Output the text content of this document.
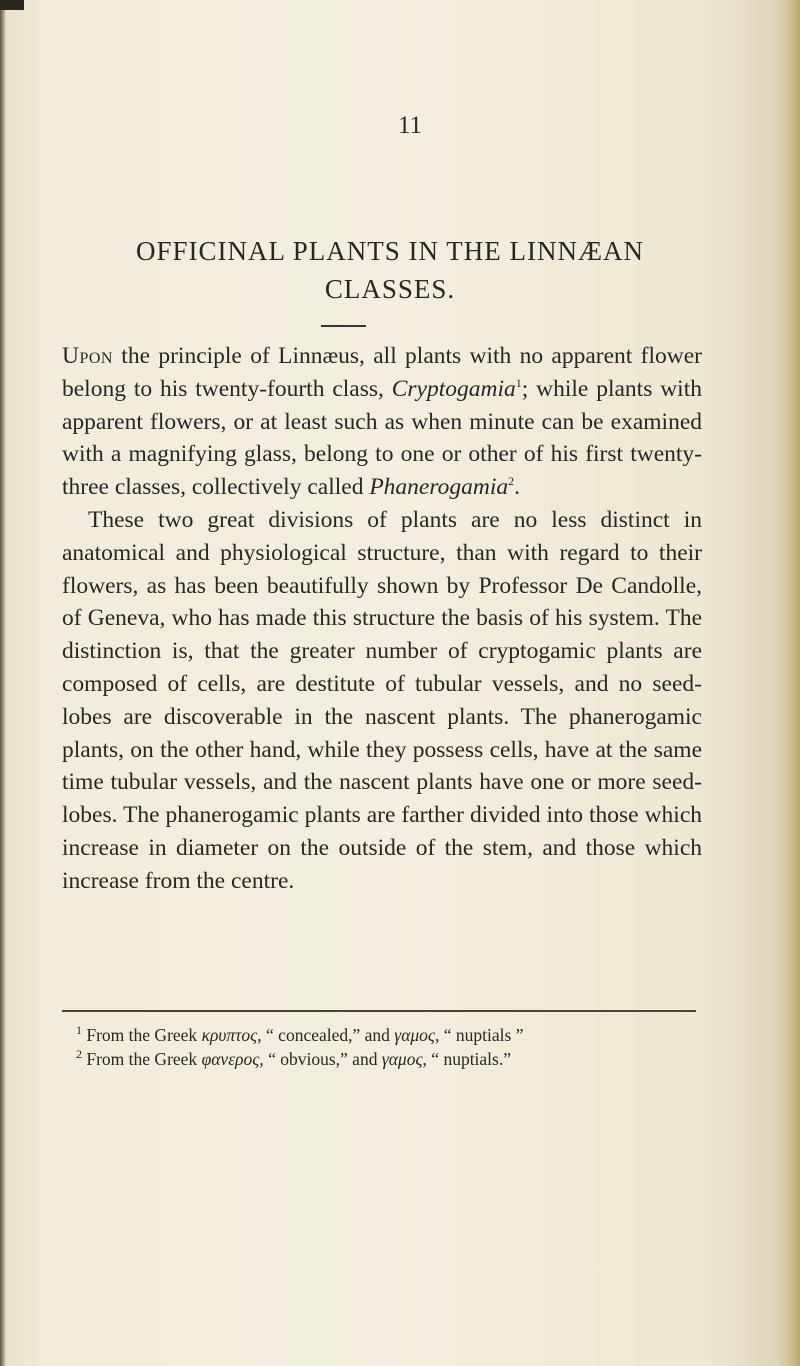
11
OFFICINAL PLANTS IN THE LINNÆAN
CLASSES.

Upon the principle of Linnæus, all plants with no apparent flower belong to his twenty-fourth class, Cryptogamia$^1$; while plants with apparent flowers, or at least such as when minute can be examined with a magnifying glass, belong to one or other of his first twenty-three classes, collectively called Phanerogamia$^2$.

These two great divisions of plants are no less distinct in anatomical and physiological structure, than with regard to their flowers, as has been beautifully shown by Professor De Candolle, of Geneva, who has made this structure the basis of his system. The distinction is, that the greater number of cryptogamic plants are composed of cells, are destitute of tubular vessels, and no seed-lobes are discoverable in the nascent plants. The phanerogamic plants, on the other hand, while they possess cells, have at the same time tubular vessels, and the nascent plants have one or more seed-lobes. The phanerogamic plants are farther divided into those which increase in diameter on the outside of the stem, and those which increase from the centre.

$^1$ From the Greek κρυπτος, “ concealed,” and γαμος, “ nuptials ”

$^2$ From the Greek φανερος, “ obvious,” and γαμος, “ nuptials.”
